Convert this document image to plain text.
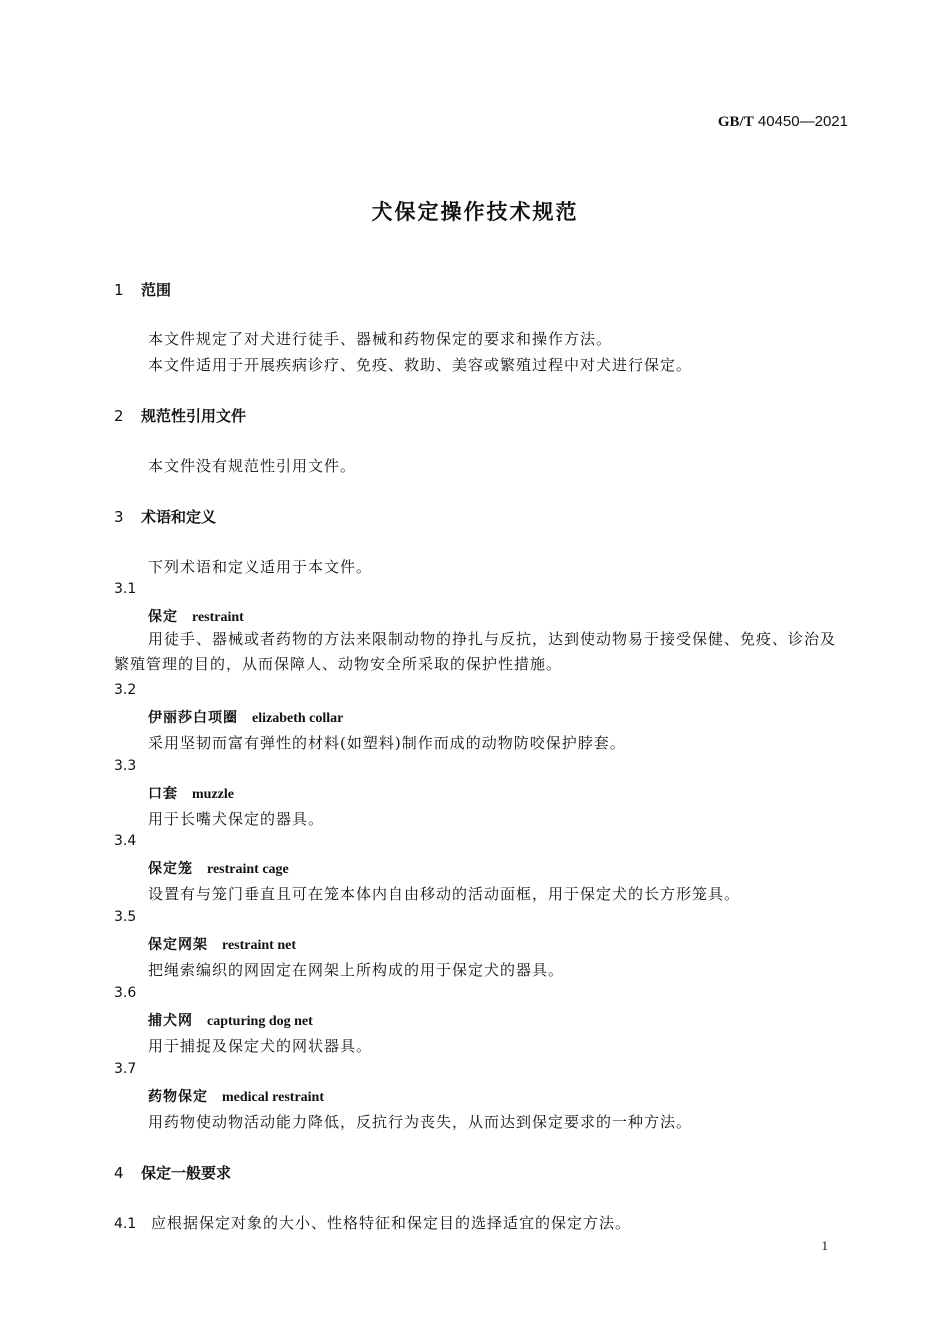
GB/T 40450—2021
犬保定操作技术规范
1 范围
本文件规定了对犬进行徒手、器械和药物保定的要求和操作方法。
本文件适用于开展疾病诊疗、免疫、救助、美容或繁殖过程中对犬进行保定。
2 规范性引用文件
本文件没有规范性引用文件。
3 术语和定义
下列术语和定义适用于本文件。
3.1
保定 restraint
用徒手、器械或者药物的方法来限制动物的挣扎与反抗，达到使动物易于接受保健、免疫、诊治及繁殖管理的目的，从而保障人、动物安全所采取的保护性措施。
3.2
伊丽莎白项圈 elizabeth collar
采用坚韧而富有弹性的材料(如塑料)制作而成的动物防咬保护脖套。
3.3
口套 muzzle
用于长嘴犬保定的器具。
3.4
保定笼 restraint cage
设置有与笼门垂直且可在笼本体内自由移动的活动面框，用于保定犬的长方形笼具。
3.5
保定网架 restraint net
把绳索编织的网固定在网架上所构成的用于保定犬的器具。
3.6
捕犬网 capturing dog net
用于捕捉及保定犬的网状器具。
3.7
药物保定 medical restraint
用药物使动物活动能力降低，反抗行为丧失，从而达到保定要求的一种方法。
4 保定一般要求
4.1 应根据保定对象的大小、性格特征和保定目的选择适宜的保定方法。
1
